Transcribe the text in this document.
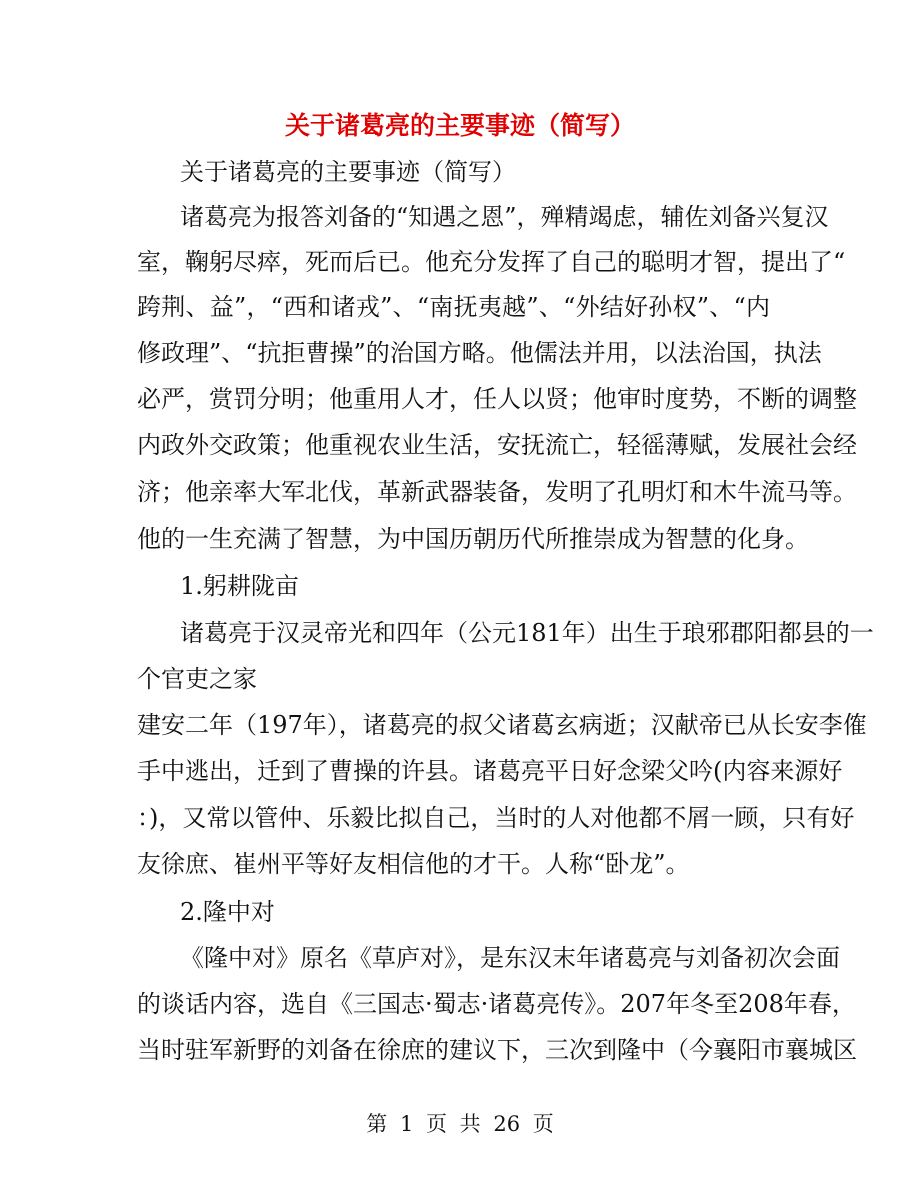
关于诸葛亮的主要事迹（简写）
关于诸葛亮的主要事迹（简写）
诸葛亮为报答刘备的“知遇之恩”，殚精竭虑，辅佐刘备兴复汉
室，鞠躬尽瘁，死而后已。他充分发挥了自己的聪明才智，提出了“
跨荆、益”，“西和诸戎”、“南抚夷越”、“外结好孙权”、“内
修政理”、“抗拒曹操”的治国方略。他儒法并用，以法治国，执法
必严，赏罚分明；他重用人才，任人以贤；他审时度势，不断的调整
内政外交政策；他重视农业生活，安抚流亡，轻徭薄赋，发展社会经
济；他亲率大军北伐，革新武器装备，发明了孔明灯和木牛流马等。
他的一生充满了智慧，为中国历朝历代所推崇成为智慧的化身。
1.躬耕陇亩
诸葛亮于汉灵帝光和四年（公元181年）出生于琅邪郡阳都县的一
个官吏之家
建安二年（197年），诸葛亮的叔父诸葛玄病逝；汉献帝已从长安李傕
手中逃出，迁到了曹操的许县。诸葛亮平日好念梁父吟(内容来源好
：)，又常以管仲、乐毅比拟自己，当时的人对他都不屑一顾，只有好
友徐庶、崔州平等好友相信他的才干。人称“卧龙”。
2.隆中对
《隆中对》原名《草庐对》，是东汉末年诸葛亮与刘备初次会面
的谈话内容，选自《三国志·蜀志·诸葛亮传》。207年冬至208年春，
当时驻军新野的刘备在徐庶的建议下，三次到隆中（今襄阳市襄城区
第 1 页 共 26 页
